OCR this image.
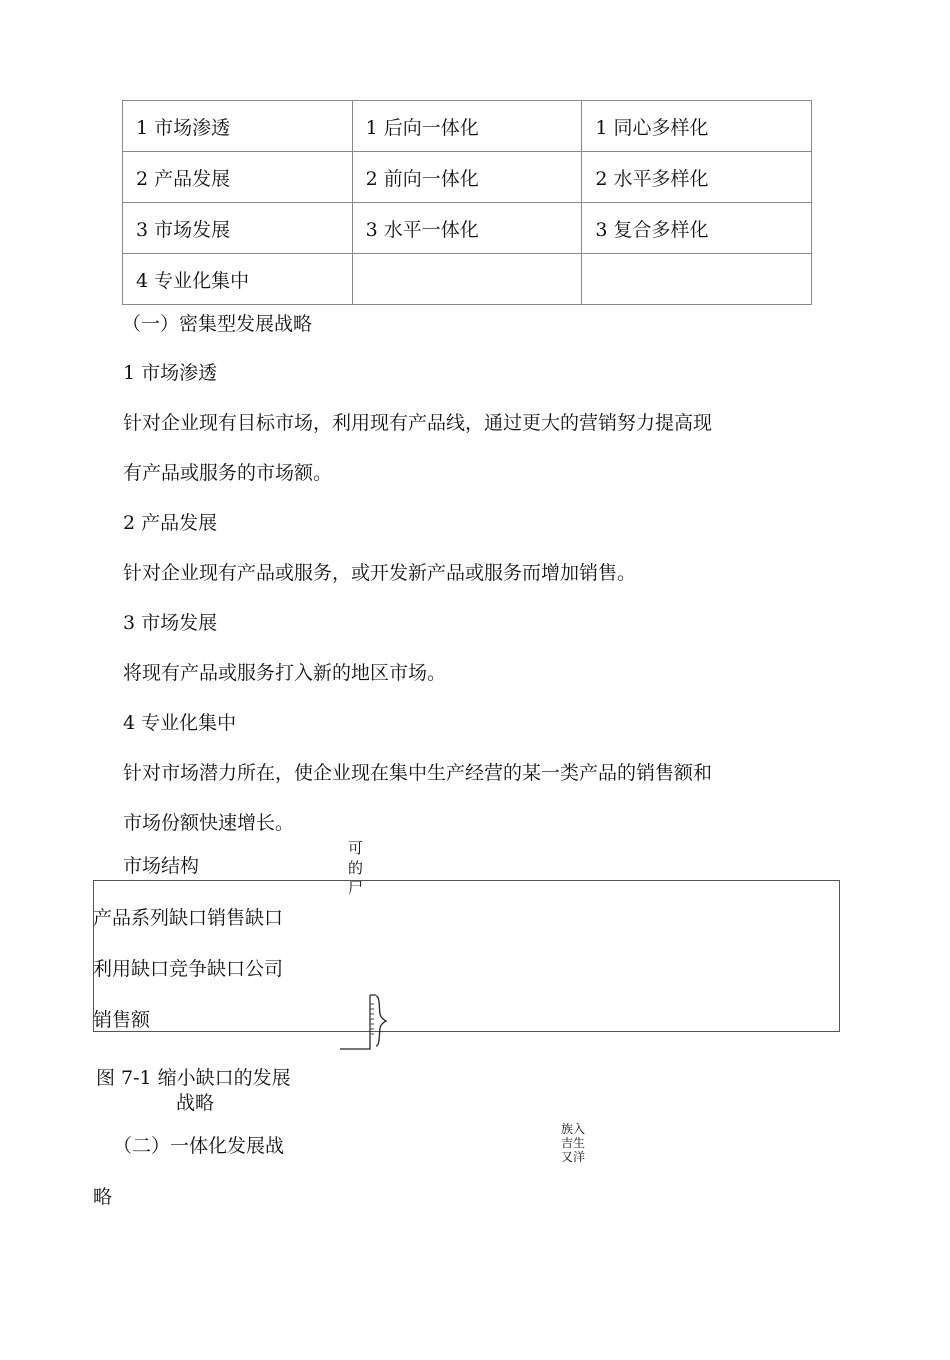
1 市场渗透	1 后向一体化	1 同心多样化
2 产品发展	2 前向一体化	2 水平多样化
3 市场发展	3 水平一体化	3 复合多样化
4 专业化集中		
（一）密集型发展战略
1 市场渗透
针对企业现有目标市场，利用现有产品线，通过更大的营销努力提高现
有产品或服务的市场额。
2 产品发展
针对企业现有产品或服务，或开发新产品或服务而增加销售。
3 市场发展
将现有产品或服务打入新的地区市场。
4 专业化集中
针对市场潜力所在，使企业现在集中生产经营的某一类产品的销售额和
市场份额快速增长。
市场结构
可
的
尸
产品系列缺口销售缺口
利用缺口竞争缺口公司
销售额
图 7-1 缩小缺口的发展
战略
族入
吉生
又洋
（二）一体化发展战
略
